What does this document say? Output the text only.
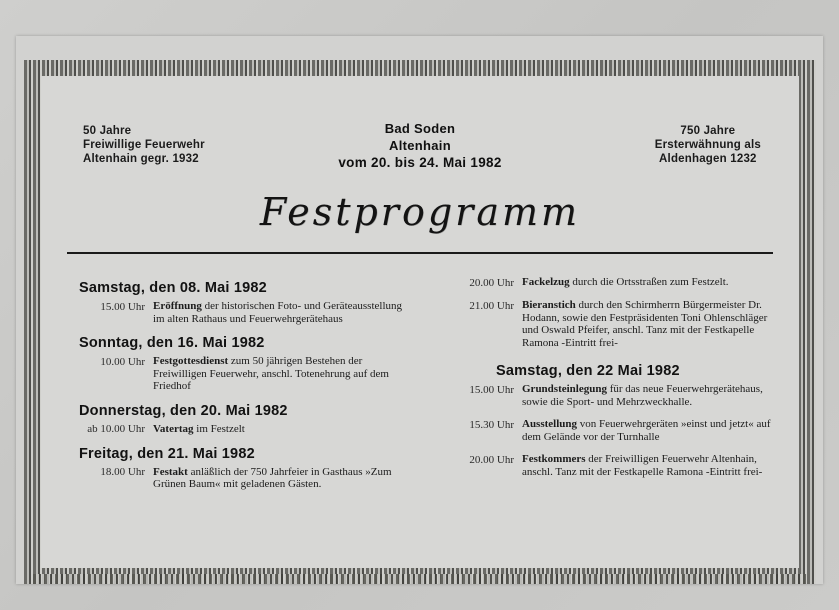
50 Jahre
Freiwillige Feuerwehr
Altenhain gegr. 1932
Bad Soden
Altenhain
vom 20. bis 24. Mai 1982
750 Jahre
Ersterwähnung als
Aldenhagen 1232
Festprogramm
Samstag, den 08. Mai 1982
15.00 Uhr Eröffnung der historischen Foto- und Geräteausstellung im alten Rathaus und Feuerwehrgerätehaus
Sonntag, den 16. Mai 1982
10.00 Uhr Festgottesdienst zum 50 jährigen Bestehen der Freiwilligen Feuerwehr, anschl. Totenehrung auf dem Friedhof
Donnerstag, den 20. Mai 1982
ab 10.00 Uhr Vatertag im Festzelt
Freitag, den 21. Mai 1982
18.00 Uhr Festakt anläßlich der 750 Jahrfeier in Gasthaus »Zum Grünen Baum« mit geladenen Gästen.
20.00 Uhr Fackelzug durch die Ortsstraßen zum Festzelt.
21.00 Uhr Bieranstich durch den Schirmherrn Bürgermeister Dr. Hodann, sowie den Festpräsidenten Toni Ohlenschläger und Oswald Pfeifer, anschl. Tanz mit der Festkapelle Ramona -Eintritt frei-
Samstag, den 22 Mai 1982
15.00 Uhr Grundsteinlegung für das neue Feuerwehrgerätehaus, sowie die Sport- und Mehrzweckhalle.
15.30 Uhr Ausstellung von Feuerwehrgeräten »einst und jetzt« auf dem Gelände vor der Turnhalle
20.00 Uhr Festkommers der Freiwilligen Feuerwehr Altenhain, anschl. Tanz mit der Festkapelle Ramona -Eintritt frei-
